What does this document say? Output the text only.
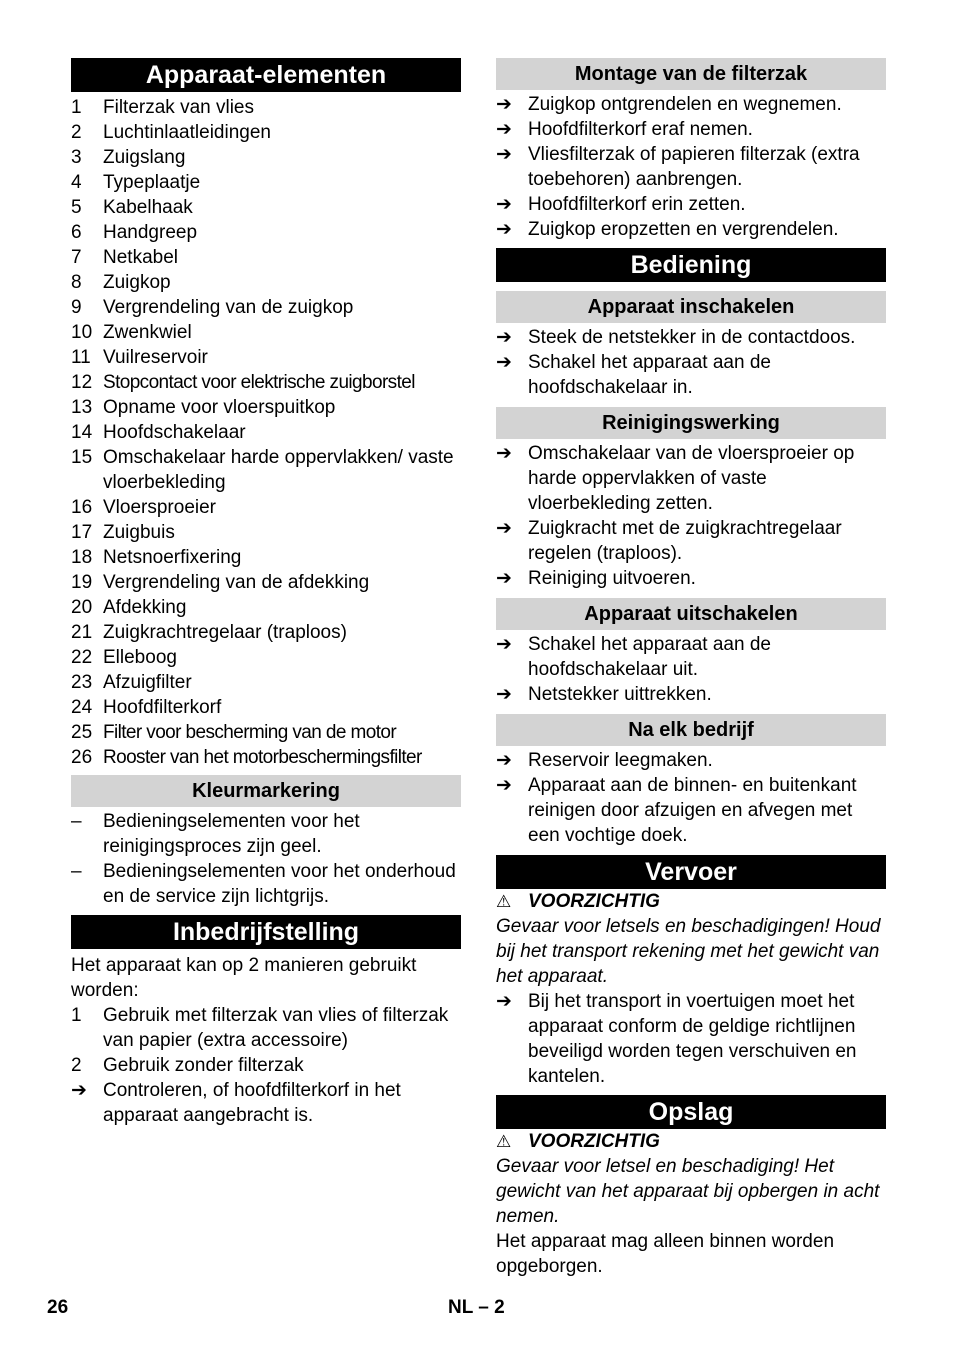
Apparaat-elementen
1	Filterzak van vlies
2	Luchtinlaatleidingen
3	Zuigslang
4	Typeplaatje
5	Kabelhaak
6	Handgreep
7	Netkabel
8	Zuigkop
9	Vergrendeling van de zuigkop
10 Zwenkwiel
11 Vuilreservoir
12 Stopcontact voor elektrische zuigborstel
13 Opname voor vloerspuitkop
14 Hoofdschakelaar
15 Omschakelaar harde oppervlakken/ vaste vloerbekleding
16 Vloersproeier
17 Zuigbuis
18 Netsnoerfixering
19 Vergrendeling van de afdekking
20 Afdekking
21 Zuigkrachtregelaar (traploos)
22 Elleboog
23 Afzuigfilter
24 Hoofdfilterkorf
25 Filter voor bescherming van de motor
26 Rooster van het motorbeschermingsfilter
Kleurmarkering
–	Bedieningselementen voor het reinigingsproces zijn geel.
–	Bedieningselementen voor het onderhoud en de service zijn lichtgrijs.
Inbedrijfstelling
Het apparaat kan op 2 manieren gebruikt worden:
1	Gebruik met filterzak van vlies of filterzak van papier (extra accessoire)
2	Gebruik zonder filterzak
➔ Controleren, of hoofdfilterkorf in het apparaat aangebracht is.
Montage van de filterzak
➔ Zuigkop ontgrendelen en wegnemen.
➔ Hoofdfilterkorf eraf nemen.
➔ Vliesfilterzak of papieren filterzak (extra toebehoren) aanbrengen.
➔ Hoofdfilterkorf erin zetten.
➔ Zuigkop eropzetten en vergrendelen.
Bediening
Apparaat inschakelen
➔ Steek de netstekker in de contactdoos.
➔ Schakel het apparaat aan de hoofdschakelaar in.
Reinigingswerking
➔ Omschakelaar van de vloersproeier op harde oppervlakken of vaste vloerbekleding zetten.
➔ Zuigkracht met de zuigkrachtregelaar regelen (traploos).
➔ Reiniging uitvoeren.
Apparaat uitschakelen
➔ Schakel het apparaat aan de hoofdschakelaar uit.
➔ Netstekker uittrekken.
Na elk bedrijf
➔ Reservoir leegmaken.
➔ Apparaat aan de binnen- en buitenkant reinigen door afzuigen en afvegen met een vochtige doek.
Vervoer
⚠ VOORZICHTIG
Gevaar voor letsels en beschadigingen! Houd bij het transport rekening met het gewicht van het apparaat.
➔ Bij het transport in voertuigen moet het apparaat conform de geldige richtlijnen beveiligd worden tegen verschuiven en kantelen.
Opslag
⚠ VOORZICHTIG
Gevaar voor letsel en beschadiging! Het gewicht van het apparaat bij opbergen in acht nemen.
Het apparaat mag alleen binnen worden opgeborgen.
26	NL – 2
